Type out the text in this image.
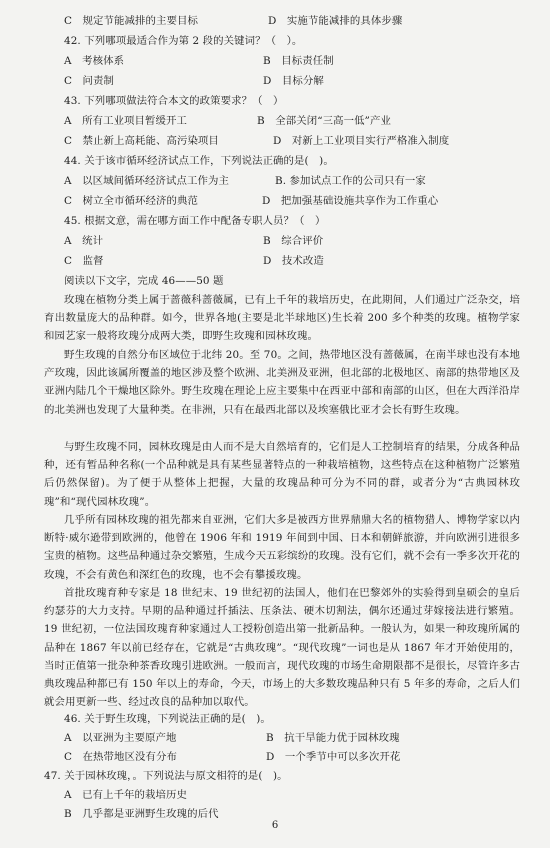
C　规定节能减排的主要目标	D　实施节能减排的具体步骤
42. 下列哪项最适合作为第 2 段的关键词？（　）。
A　考核体系	B　目标责任制
C　问责制	D　目标分解
43. 下列哪项做法符合本文的政策要求？（　）
A　所有工业项目暂缓开工	B　全部关闭“三高一低”产业
C　禁止新上高耗能、高污染项目	D　对新上工业项目实行严格准入制度
44. 关于该市循环经济试点工作，下列说法正确的是(　)。
A　以区域间循环经济试点工作为主	B. 参加试点工作的公司只有一家
C　树立全市循环经济的典范	D　把加强基础设施共享作为工作重心
45. 根据文意，需在哪方面工作中配备专职人员？（　）
A　统计	B　综合评价
C　监督	D　技术改造
阅读以下文字，完成 46——50 题
玫瑰在植物分类上属于蔷薇科蔷薇属，已有上千年的栽培历史，在此期间，人们通过广泛杂交，培育出数量庞大的品种群。如今，世界各地(主要是北半球地区)生长着 200 多个种类的玫瑰。植物学家和园艺家一般将玫瑰分成两大类，即野生玫瑰和园林玫瑰。
野生玫瑰的自然分布区域位于北纬 20。至 70。之间，热带地区没有蔷薇属，在南半球也没有本地产玫瑰，因此该属所覆盖的地区涉及整个欧洲、北美洲及亚洲，但北部的北极地区、南部的热带地区及亚洲内陆几个干燥地区除外。野生玫瑰在理论上应主要集中在西亚中部和南部的山区，但在大西洋沿岸的北美洲也发现了大量种类。在非洲，只有在最西北部以及埃塞俄比亚才会长有野生玫瑰。
与野生玫瑰不同，园林玫瑰是由人而不是大自然培育的，它们是人工控制培育的结果，分成各种品种，还有暂品种名称(一个品种就是具有某些显著特点的一种栽培植物，这些特点在这种植物广泛繁殖后仍然保留)。为了便于从整体上把握，大量的玫瑰品种可分为不同的群，或者分为“古典园林玫瑰”和“现代园林玫瑰”。
几乎所有园林玫瑰的祖先都来自亚洲，它们大多是被西方世界鼎鼎大名的植物猎人、博物学家以内断特·威尔逊带到欧洲的，他曾在 1906 年和 1919 年间到中国、日本和朝鲜旅游，并向欧洲引进很多宝贵的植物。这些品种通过杂交繁殖，生成今天五彩缤纷的玫瑰。没有它们，就不会有一季多次开花的玫瑰，不会有黄色和深红色的玫瑰，也不会有攀援玫瑰。
首批玫瑰育种专家是 18 世纪末、19 世纪初的法国人，他们在巴黎郊外的实验得到皇硕会的皇后约瑟芬的大力支持。早期的品种通过扦插法、压条法、硬木切割法，偶尔还通过芽嫁接法进行繁殖。19 世纪初，一位法国玫瑰育种家通过人工授粉创造出第一批新品种。一般认为，如果一种玫瑰所属的品种在 1867 年以前已经存在，它就是“古典玫瑰”。“现代玫瑰”一词也是从 1867 年才开始使用的，当时正值第一批杂种茶香玫瑰引进欧洲。一般而言，现代玫瑰的市场生命期限都不是很长，尽管许多古典玫瑰品种都已有 150 年以上的寿命，今天，市场上的大多数玫瑰品种只有 5 年多的寿命，之后人们就会用更新一些、经过改良的品种加以取代。
46. 关于野生玫瑰，下列说法正确的是(　)。
A　以亚洲为主要原产地	B　抗干旱能力优于园林玫瑰
C　在热带地区没有分布	D　一个季节中可以多次开花
47. 关于园林玫瑰，。下列说法与原文相符的是(　)。
A　已有上千年的栽培历史
B　几乎都是亚洲野生玫瑰的后代
6
